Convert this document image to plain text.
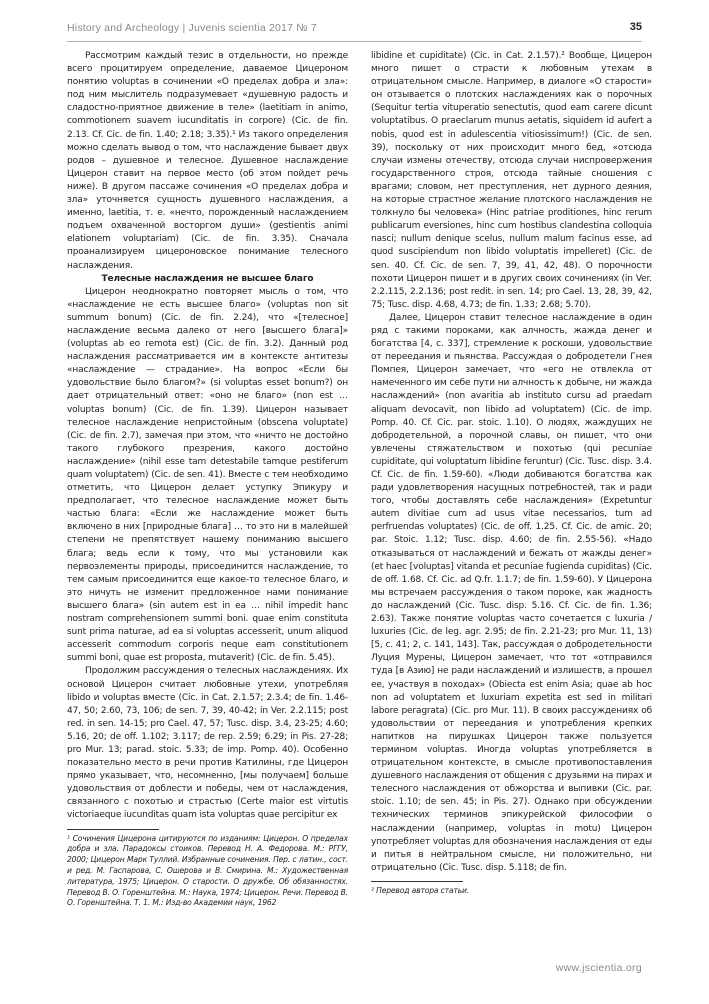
History and Archeology | Juvenis scientia 2017 № 7	35

Рассмотрим каждый тезис в отдельности, но прежде всего процитируем определение, даваемое Цицероном понятию voluptas в сочинении «О пределах добра и зла»: под ним мыслитель подразумевает «душевную радость и сладостно-приятное движение в теле» (laetitiam in animo, commotionem suavem iucunditatis in corpore) (Cic. de fin. 2.13. Cf. Cic. de fin. 1.40; 2.18; 3.35).¹ Из такого определения можно сделать вывод о том, что наслаждение бывает двух родов – душевное и телесное. Душевное наслаждение Цицерон ставит на первое место (об этом пойдет речь ниже). В другом пассаже сочинения «О пределах добра и зла» уточняется сущность душевного наслаждения, а именно, laetitia, т. е. «нечто, порожденный наслаждением подъем охваченной восторгом души» (gestientis animi elationem voluptariam) (Cic. de fin. 3.35). Сначала проанализируем цицероновское понимание телесного наслаждения.

Телесные наслаждения не высшее благо

Цицерон неоднократно повторяет мысль о том, что «наслаждение не есть высшее благо» (voluptas non sit summum bonum) (Cic. de fin. 2.24), что «[телесное] наслаждение весьма далеко от него [высшего блага]» (voluptas ab eo remota est) (Cic. de fin. 3.2). Данный род наслаждения рассматривается им в контексте антитезы «наслаждение — страдание». На вопрос «Если бы удовольствие было благом?» (si voluptas esset bonum?) он дает отрицательный ответ: «оно не благо» (non est … voluptas bonum) (Cic. de fin. 1.39). Цицерон называет телесное наслаждение непристойным (obscena voluptate) (Cic. de fin. 2.7), замечая при этом, что «ничто не достойно такого глубокого презрения, какого достойно наслаждение» (nihil esse tam detestabile tamque pestiferum quam voluptatem) (Cic. de sen. 41). Вместе с тем необходимо отметить, что Цицерон делает уступку Эпикуру и предполагает, что телесное наслаждение может быть частью блага: «Если же наслаждение может быть включено в них [природные блага] … то это ни в малейшей степени не препятствует нашему пониманию высшего блага; ведь если к тому, что мы установили как первоэлементы природы, присоединится наслаждение, то тем самым присоединится еще какое-то телесное благо, и это ничуть не изменит предложенное нами понимание высшего блага» (sin autem est in ea … nihil impedit hanc nostram comprehensionem summi boni. quae enim constituta sunt prima naturae, ad ea si voluptas accesserit, unum aliquod accesserit commodum corporis neque eam constitutionem summi boni, quae est proposta, mutaverit) (Cic. de fin. 5.45).

Продолжим рассуждения о телесных наслаждениях. Их основой Цицерон считает любовные утехи, употребляя libido и voluptas вместе (Cic. in Cat. 2.1.57; 2.3.4; de fin. 1.46-47, 50; 2.60, 73, 106; de sen. 7, 39, 40-42; in Ver. 2.2.115; post red. in sen. 14-15; pro Cael. 47, 57; Tusc. disp. 3.4, 23-25; 4.60; 5.16, 20; de off. 1.102; 3.117; de rep. 2.59; 6.29; in Pis. 27-28; pro Mur. 13; parad. stoic. 5.33; de imp. Pomp. 40). Особенно показательно место в речи против Катилины, где Цицерон прямо указывает, что, несомненно, [мы получаем] больше удовольствия от доблести и победы, чем от наслаждения, связанного с похотью и страстью (Certe maior est virtutis victoriaeque iucunditas quam ista voluptas quae percipitur ex

¹ Сочинения Цицерона цитируются по изданиям: Цицерон. О пределах добра и зла. Парадоксы стоиков. Перевод Н. А. Федорова. М.: РГГУ, 2000; Цицерон Марк Туллий. Избранные сочинения. Пер. с латин., сост. и ред. М. Гаспарова, С. Ошерова и В. Смирина. М.: Художественная литература, 1975; Цицерон. О старости. О дружбе. Об обязанностях. Перевод В. О. Горенштейна. М.: Наука, 1974; Цицерон. Речи. Перевод В. О. Горенштейна. Т. 1. М.: Изд-во Академии наук, 1962

libidine et cupiditate) (Cic. in Cat. 2.1.57).² Вообще, Цицерон много пишет о страсти к любовным утехам в отрицательном смысле. Например, в диалоге «О старости» он отзывается о плотских наслаждениях как о порочных (Sequitur tertia vituperatio senectutis, quod eam carere dicunt voluptatibus. O praeclarum munus aetatis, siquidem id aufert a nobis, quod est in adulescentia vitiosissimum!) (Cic. de sen. 39), поскольку от них происходит много бед, «отсюда случаи измены отечеству, отсюда случаи ниспровержения государственного строя, отсюда тайные сношения с врагами; словом, нет преступления, нет дурного деяния, на которые страстное желание плотского наслаждения не толкнуло бы человека» (Hinc patriae proditiones, hinc rerum publicarum eversiones, hinc cum hostibus clandestina colloquia nasci; nullum denique scelus, nullum malum facinus esse, ad quod suscipiendum non libido voluptatis impelleret) (Cic. de sen. 40. Cf. Cic. de sen. 7, 39, 41, 42, 48). О порочности похоти Цицерон пишет и в других своих сочинениях (in Ver. 2.2.115, 2.2.136; post redit. in sen. 14; pro Cael. 13, 28, 39, 42, 75; Tusc. disp. 4.68, 4.73; de fin. 1.33; 2.68; 5.70).

Далее, Цицерон ставит телесное наслаждение в один ряд с такими пороками, как алчность, жажда денег и богатства [4, с. 337], стремление к роскоши, удовольствие от переедания и пьянства. Рассуждая о добродетели Гнея Помпея, Цицерон замечает, что «его не отвлекла от намеченного им себе пути ни алчность к добыче, ни жажда наслаждений» (non avaritia ab instituto cursu ad praedam aliquam devocavit, non libido ad voluptatem) (Cic. de imp. Pomp. 40. Cf. Cic. par. stoic. 1.10). О людях, жаждущих не добродетельной, а порочной славы, он пишет, что они увлечены стяжательством и похотью (qui pecuniae cupiditate, qui voluptatum libidine feruntur) (Cic. Tusc. disp. 3.4. Cf. Cic. de fin. 1.59-60). «Люди добиваются богатства как ради удовлетворения насущных потребностей, так и ради того, чтобы доставлять себе наслаждения» (Expetuntur autem divitiae cum ad usus vitae necessarios, tum ad perfruendas voluptates) (Cic. de off. 1.25. Cf. Cic. de amic. 20; par. Stoic. 1.12; Tusc. disp. 4.60; de fin. 2.55-56). «Надо отказываться от наслаждений и бежать от жажды денег» (et haec [voluptas] vitanda et pecuniae fugienda cupiditas) (Cic. de off. 1.68. Cf. Cic. ad Q.fr. 1.1.7; de fin. 1.59-60). У Цицерона мы встречаем рассуждения о таком пороке, как жадность до наслаждений (Cic. Tusc. disp. 5.16. Cf. Cic. de fin. 1.36; 2.63). Также понятие voluptas часто сочетается с luxuria / luxuries (Cic. de leg. agr. 2.95; de fin. 2.21-23; pro Mur. 11, 13) [5, с. 41; 2, с. 141, 143]. Так, рассуждая о добродетельности Луция Мурены, Цицерон замечает, что тот «отправился туда [в Азию] не ради наслаждений и излишеств, а прошел ее, участвуя в походах» (Obiecta est enim Asia; quae ab hoc non ad voluptatem et luxuriam expetita est sed in militari labore peragrata) (Cic. pro Mur. 11). В своих рассуждениях об удовольствии от переедания и употребления крепких напитков на пирушках Цицерон также пользуется термином voluptas. Иногда voluptas употребляется в отрицательном контексте, в смысле противопоставления душевного наслаждения от общения с друзьями на пирах и телесного наслаждения от обжорства и выпивки (Cic. par. stoic. 1.10; de sen. 45; in Pis. 27). Однако при обсуждении технических терминов эпикурейской философии о наслаждении (например, voluptas in motu) Цицерон употребляет voluptas для обозначения наслаждения от еды и питья в нейтральном смысле, ни положительно, ни отрицательно (Cic. Tusc. disp. 5.118; de fin.

² Перевод автора статьи.

www.jscientia.org
